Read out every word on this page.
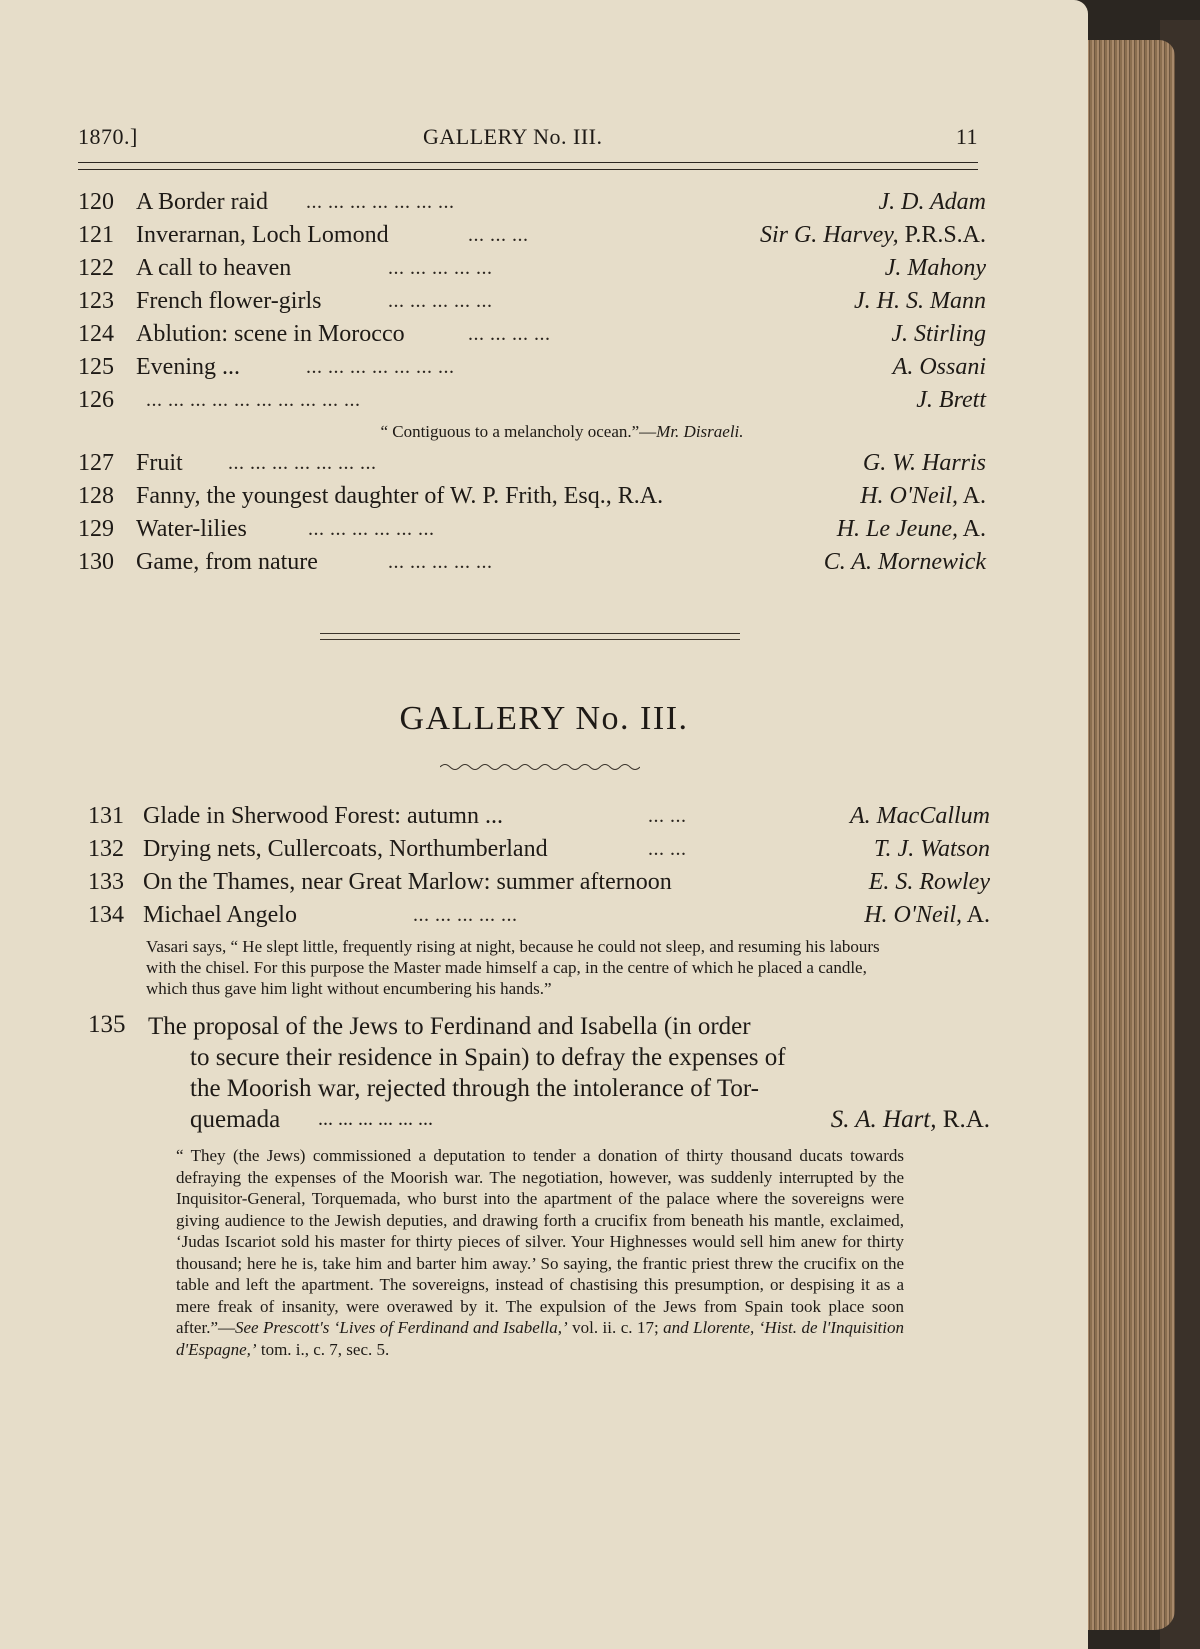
1870.]	GALLERY No. III.	11
120 A Border raid ... ... ... ... ... ... ...	J. D. Adam
121 Inverarnan, Loch Lomond	... ... ...	Sir G. Harvey, P.R.S.A.
122 A call to heaven	... ... ... ... ...	J. Mahony
123 French flower-girls	... ... ... ... ...	J. H. S. Mann
124 Ablution: scene in Morocco	... ... ... ...	J. Stirling
125 Evening ...	... ... ... ... ... ... ...	A. Ossani
126 ... ... ... ... ... ... ... ... ... ...	J. Brett
“ Contiguous to a melancholy ocean.”—Mr. Disraeli.
127 Fruit ... ... ... ... ... ... ...	G. W. Harris
128 Fanny, the youngest daughter of W. P. Frith, Esq., R.A.	H. O'Neil, A.
129 Water-lilies	... ... ... ... ... ...	H. Le Jeune, A.
130 Game, from nature	... ... ... ... ...	C. A. Mornewick
GALLERY No. III.
131 Glade in Sherwood Forest: autumn ...	... ...	A. MacCallum
132 Drying nets, Cullercoats, Northumberland	... ...	T. J. Watson
133 On the Thames, near Great Marlow: summer afternoon	E. S. Rowley
134 Michael Angelo	... ... ... ... ...	H. O'Neil, A.
Vasari says, “ He slept little, frequently rising at night, because he could not sleep, and resuming his labours with the chisel. For this purpose the Master made himself a cap, in the centre of which he placed a candle, which thus gave him light without encumbering his hands.”
135 The proposal of the Jews to Ferdinand and Isabella (in order
to secure their residence in Spain) to defray the expenses of
the Moorish war, rejected through the intolerance of Tor-
quemada ... ... ... ... ... ...	S. A. Hart, R.A.
“ They (the Jews) commissioned a deputation to tender a donation of thirty thousand ducats towards defraying the expenses of the Moorish war. The negotiation, however, was suddenly interrupted by the Inquisitor-General, Torquemada, who burst into the apartment of the palace where the sovereigns were giving audience to the Jewish deputies, and drawing forth a crucifix from beneath his mantle, exclaimed, ‘Judas Iscariot sold his master for thirty pieces of silver. Your Highnesses would sell him anew for thirty thousand; here he is, take him and barter him away.’ So saying, the frantic priest threw the crucifix on the table and left the apartment. The sovereigns, instead of chastising this presumption, or despising it as a mere freak of insanity, were overawed by it. The expulsion of the Jews from Spain took place soon after.”—See Prescott's ‘Lives of Ferdinand and Isabella,’ vol. ii. c. 17; and Llorente, ‘Hist. de l'Inquisition d'Espagne,’ tom. i., c. 7, sec. 5.
